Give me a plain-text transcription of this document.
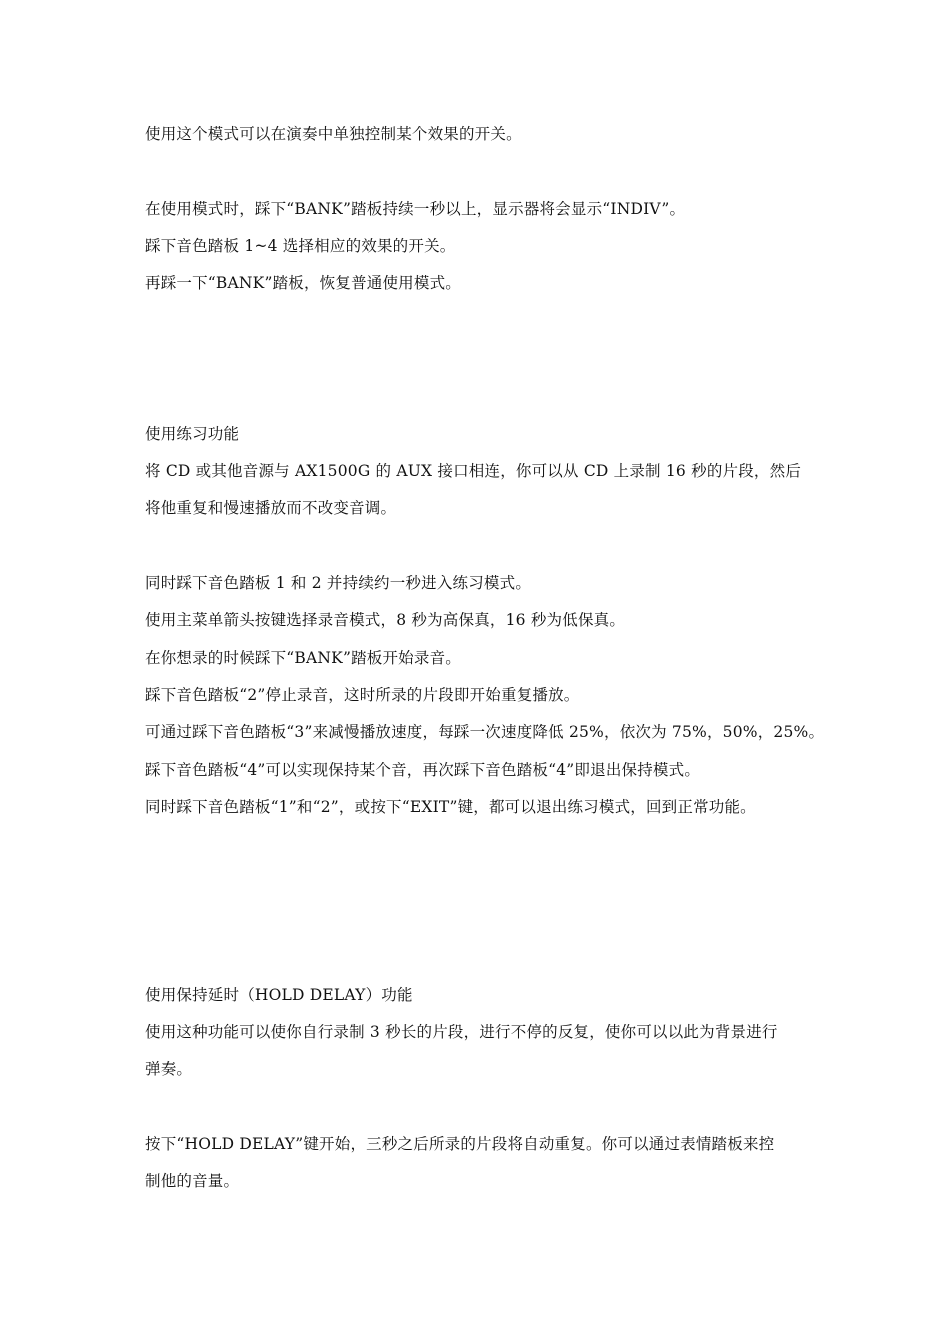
使用这个模式可以在演奏中单独控制某个效果的开关。
在使用模式时，踩下“BANK”踏板持续一秒以上，显示器将会显示“INDIV”。
踩下音色踏板 1~4 选择相应的效果的开关。
再踩一下“BANK”踏板，恢复普通使用模式。
使用练习功能
将 CD 或其他音源与 AX1500G 的 AUX 接口相连，你可以从 CD 上录制 16 秒的片段，然后
将他重复和慢速播放而不改变音调。
同时踩下音色踏板 1 和 2 并持续约一秒进入练习模式。
使用主菜单箭头按键选择录音模式，8 秒为高保真，16 秒为低保真。
在你想录的时候踩下“BANK”踏板开始录音。
踩下音色踏板“2”停止录音，这时所录的片段即开始重复播放。
可通过踩下音色踏板“3”来减慢播放速度，每踩一次速度降低 25%，依次为 75%，50%，25%。
踩下音色踏板“4”可以实现保持某个音，再次踩下音色踏板“4”即退出保持模式。
同时踩下音色踏板“1”和“2”，或按下“EXIT”键，都可以退出练习模式，回到正常功能。
使用保持延时（HOLD DELAY）功能
使用这种功能可以使你自行录制 3 秒长的片段，进行不停的反复，使你可以以此为背景进行
弹奏。
按下“HOLD DELAY”键开始，三秒之后所录的片段将自动重复。你可以通过表情踏板来控
制他的音量。
